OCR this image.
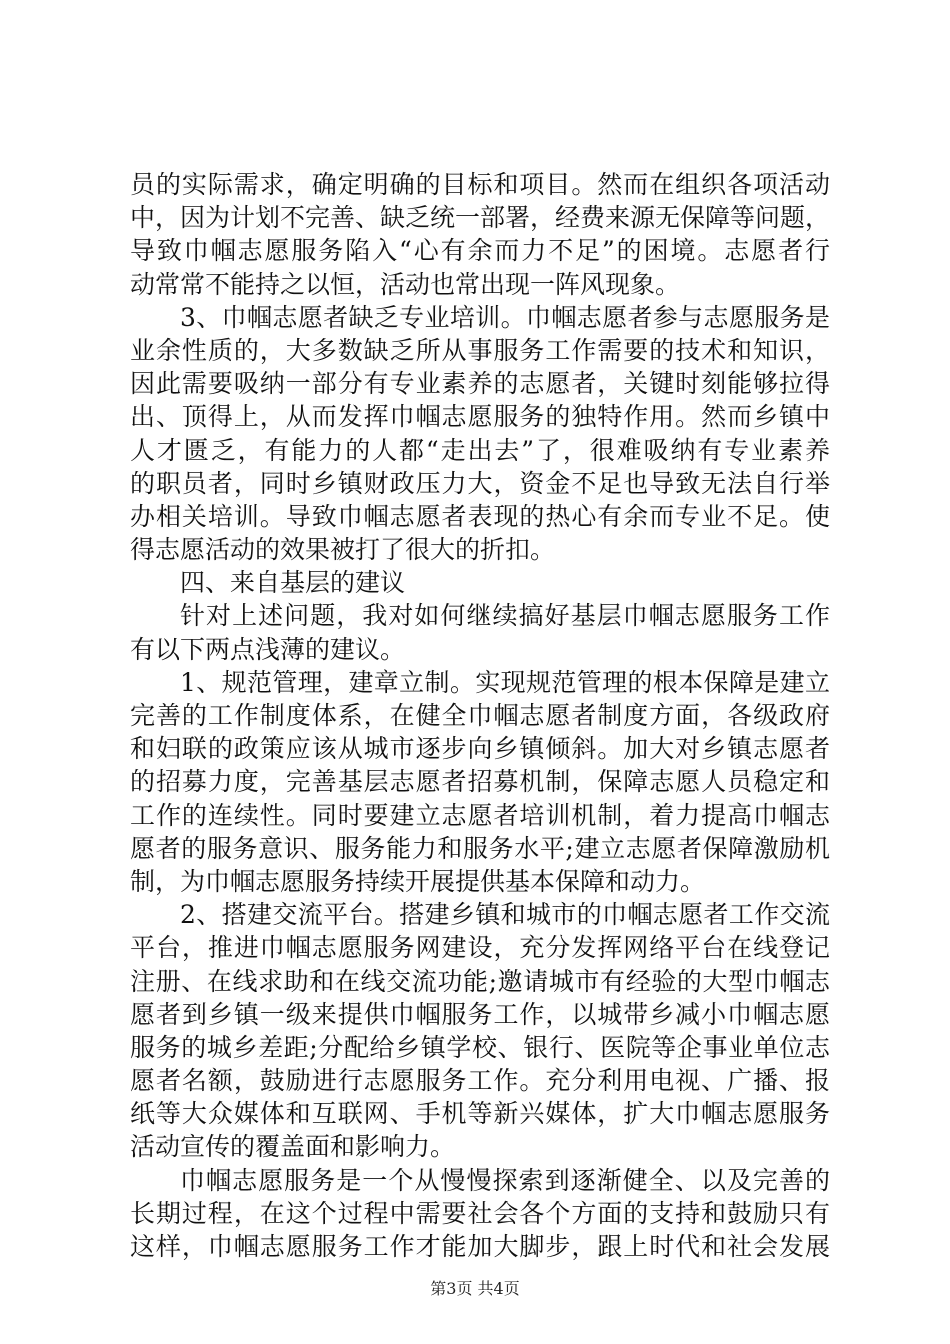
员的实际需求，确定明确的目标和项目。然而在组织各项活动
中，因为计划不完善、缺乏统一部署，经费来源无保障等问题，
导致巾帼志愿服务陷入“心有余而力不足”的困境。志愿者行
动常常不能持之以恒，活动也常出现一阵风现象。
3、巾帼志愿者缺乏专业培训。巾帼志愿者参与志愿服务是
业余性质的，大多数缺乏所从事服务工作需要的技术和知识，
因此需要吸纳一部分有专业素养的志愿者，关键时刻能够拉得
出、顶得上，从而发挥巾帼志愿服务的独特作用。然而乡镇中
人才匮乏，有能力的人都“走出去”了，很难吸纳有专业素养
的职员者，同时乡镇财政压力大，资金不足也导致无法自行举
办相关培训。导致巾帼志愿者表现的热心有余而专业不足。使
得志愿活动的效果被打了很大的折扣。
四、来自基层的建议
针对上述问题，我对如何继续搞好基层巾帼志愿服务工作
有以下两点浅薄的建议。
1、规范管理，建章立制。实现规范管理的根本保障是建立
完善的工作制度体系，在健全巾帼志愿者制度方面，各级政府
和妇联的政策应该从城市逐步向乡镇倾斜。加大对乡镇志愿者
的招募力度，完善基层志愿者招募机制，保障志愿人员稳定和
工作的连续性。同时要建立志愿者培训机制，着力提高巾帼志
愿者的服务意识、服务能力和服务水平;建立志愿者保障激励机
制，为巾帼志愿服务持续开展提供基本保障和动力。
2、搭建交流平台。搭建乡镇和城市的巾帼志愿者工作交流
平台，推进巾帼志愿服务网建设，充分发挥网络平台在线登记
注册、在线求助和在线交流功能;邀请城市有经验的大型巾帼志
愿者到乡镇一级来提供巾帼服务工作，以城带乡减小巾帼志愿
服务的城乡差距;分配给乡镇学校、银行、医院等企事业单位志
愿者名额，鼓励进行志愿服务工作。充分利用电视、广播、报
纸等大众媒体和互联网、手机等新兴媒体，扩大巾帼志愿服务
活动宣传的覆盖面和影响力。
巾帼志愿服务是一个从慢慢探索到逐渐健全、以及完善的
长期过程，在这个过程中需要社会各个方面的支持和鼓励只有
这样，巾帼志愿服务工作才能加大脚步，跟上时代和社会发展
第3页 共4页
